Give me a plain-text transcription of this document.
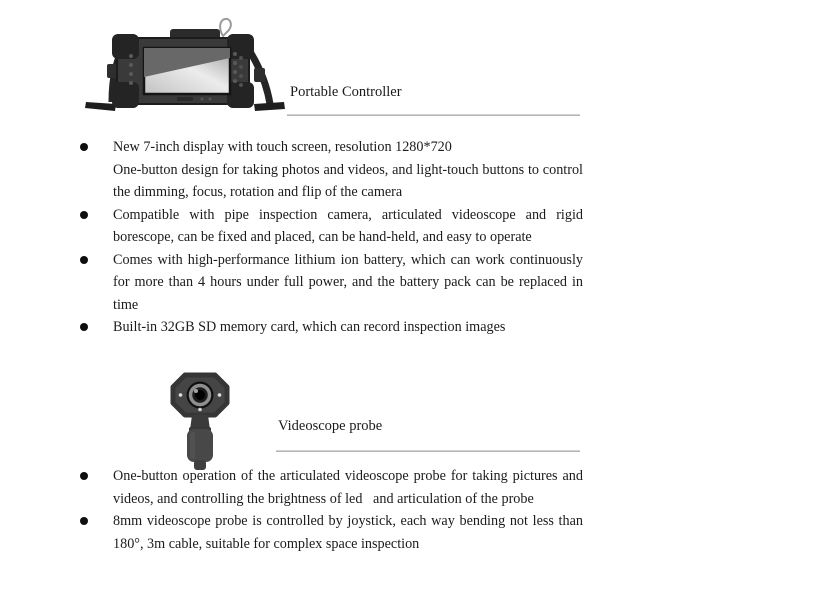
Portable Controller

New 7-inch display with touch screen, resolution 1280*720

One-button design for taking photos and videos, and light-touch buttons to control the dimming, focus, rotation and flip of the camera

Compatible with pipe inspection camera, articulated videoscope and rigid borescope, can be fixed and placed, can be hand-held, and easy to operate

Comes with high-performance lithium ion battery, which can work continuously for more than 4 hours under full power, and the battery pack can be replaced in time

Built-in 32GB SD memory card, which can record inspection images

Videoscope probe

One-button operation of the articulated videoscope probe for taking pictures and videos, and controlling the brightness of led   and articulation of the probe

8mm videoscope probe is controlled by joystick, each way bending not less than 180°, 3m cable, suitable for complex space inspection
